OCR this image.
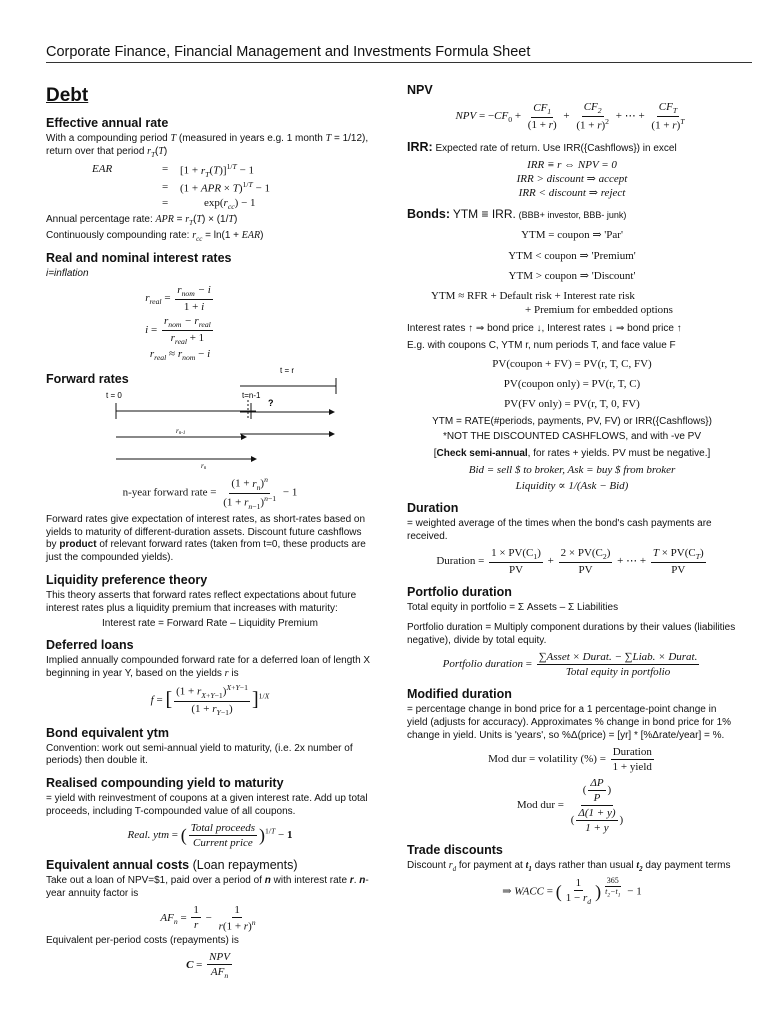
Corporate Finance, Financial Management and Investments Formula Sheet
Debt
Effective annual rate

With a compounding period T (measured in years e.g. 1 month T = 1/12), return over that period $r_T(T)$

EAR	=	$[1 + r_T(T)]^{1/T} - 1$
=	(1 + APR × T)$^{1/T}$ − 1
=	$\exp(r_{cc}) - 1$

Annual percentage rate: APR = $r_T(T) \times (1/T)$

Continuously compounding rate: $r_{cc} = \ln(1 + EAR)$

Real and nominal interest rates

i=inflation

$r_{real} = \frac{r_{nom} - i}{1 + i}$
$i = \frac{r_{nom} - r_{real}}{r_{real} + 1}$
$r_{real} \approx r_{nom} - i$
Forward rates
t = 0	t=n-1
rn-1
rn
t = r
?
n-year forward rate = $\frac{(1 + r_n)^n}{(1 + r_{n-1})^{n-1}} - 1$

Forward rates give expectation of interest rates, as short-rates based on yields to maturity of different-duration assets. Discount future cashflows by product of relevant forward rates (taken from t=0, these products are just the compounded yields).

Liquidity preference theory

This theory asserts that forward rates reflect expectations about future interest rates plus a liquidity premium that increases with maturity:

Interest rate = Forward Rate – Liquidity Premium

Deferred loans

Implied annually compounded forward rate for a deferred loan of length X beginning in year Y, based on the yields r is

f = [ $\frac{(1 + r_{X+Y-1})^{X+Y-1}}{(1 + r_{Y-1})} ]^{1/X}$
Bond equivalent ytm

Convention: work out semi-annual yield to maturity, (i.e. 2x number of periods) then double it.

Realised compounding yield to maturity

= yield with reinvestment of coupons at a given interest rate. Add up total proceeds, including T-compounded value of all coupons.

Real. ytm = ( $\frac{\text{Total proceeds}}{\text{Current price}} )^{1/T} - 1$
Equivalent annual costs (Loan repayments)

Take out a loan of NPV=$1, paid over a period of n with interest rate r. n-year annuity factor is

$AF_n = \frac{1}{r} - \frac{1}{r(1 + r)^n}$

Equivalent per-period costs (repayments) is

$C = \frac{\text{NPV}}{AF_n}$
NPV
NPV = $-CF_0 + \frac{CF_1}{(1 + r)} + \frac{CF_2}{(1 + r)^2}$ + ⋯ + $\frac{CF_T}{(1 + r)^T}$

IRR: Expected rate of return. Use IRR({Cashflows}) in excel

IRR ≡ r ⇔ NPV = 0
IRR > discount ⇒ accept
IRR < discount ⇒ reject

Bonds: YTM ≡ IRR. (BBB+ investor, BBB- junk)

YTM = coupon ⇒ 'Par'
YTM < coupon ⇒ 'Premium'
YTM > coupon ⇒ 'Discount'
YTM ≈ RFR + Default risk + Interest rate risk
+ Premium for embedded options

Interest rates ↑ ⇒ bond price ↓, Interest rates ↓ ⇒ bond price ↑

E.g. with coupons C, YTM r, num periods T, and face value F

PV(coupon + FV) = PV(r, T, C, FV)
PV(coupon only) = PV(r, T, C)
PV(FV only) = PV(r, T, 0, FV)

YTM = RATE(#periods, payments, PV, FV) or IRR({Cashflows})

*NOT THE DISCOUNTED CASHFLOWS, and with -ve PV

[Check semi-annual, for rates + yields. PV must be negative.]

Bid = sell $ to broker, Ask = buy $ from broker
Liquidity ∝ 1/(Ask − Bid)
Duration

= weighted average of the times when the bond's cash payments are received.

Duration = $\frac{1 \times PV(C_1)}{PV} + \frac{2 \times PV(C_2)}{PV}$ + ⋯ + $\frac{T \times PV(C_T)}{PV}$
Portfolio duration

Total equity in portfolio = Σ Assets – Σ Liabilities

Portfolio duration = Multiply component durations by their values (liabilities negative), divide by total equity.

Portfolio duration = $\frac{\text{∑Asset × Durat. − ∑Liab. × Durat.}}{\text{Total equity in portfolio}}$
Modified duration

= percentage change in bond price for a 1 percentage-point change in yield (adjusts for accuracy). Approximates % change in bond price for 1% change in yield. Units is 'years', so %Δ(price) = [yr] * [%Δrate/year] = %.

Mod dur = volatility (%) = $\frac{\text{Duration}}{\text{1 + yield}}$
Mod dur = $\frac{( \frac{\Delta P}{P} )}{( \frac{\Delta(1 + y)}{1 + y} )}$
Trade discounts

Discount $r_d$ for payment at $t_1$ days rather than usual $t_2$ day payment terms

⇒ WACC = ( $\frac{1}{1 - r_d}$ ) $^{\frac{365}{t_2-t_1}}$ − 1
